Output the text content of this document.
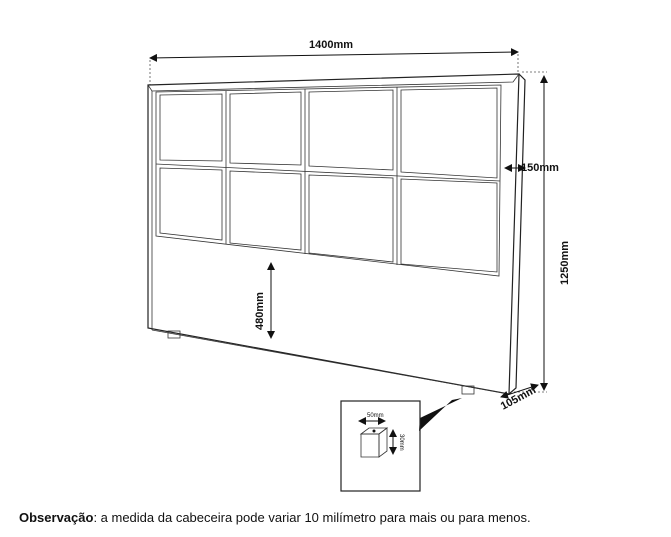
1400mm
1250mm
150mm
480mm
105mm
50mm
30mm
Observação: a medida da cabeceira pode variar 10 milímetro para mais ou para menos.
